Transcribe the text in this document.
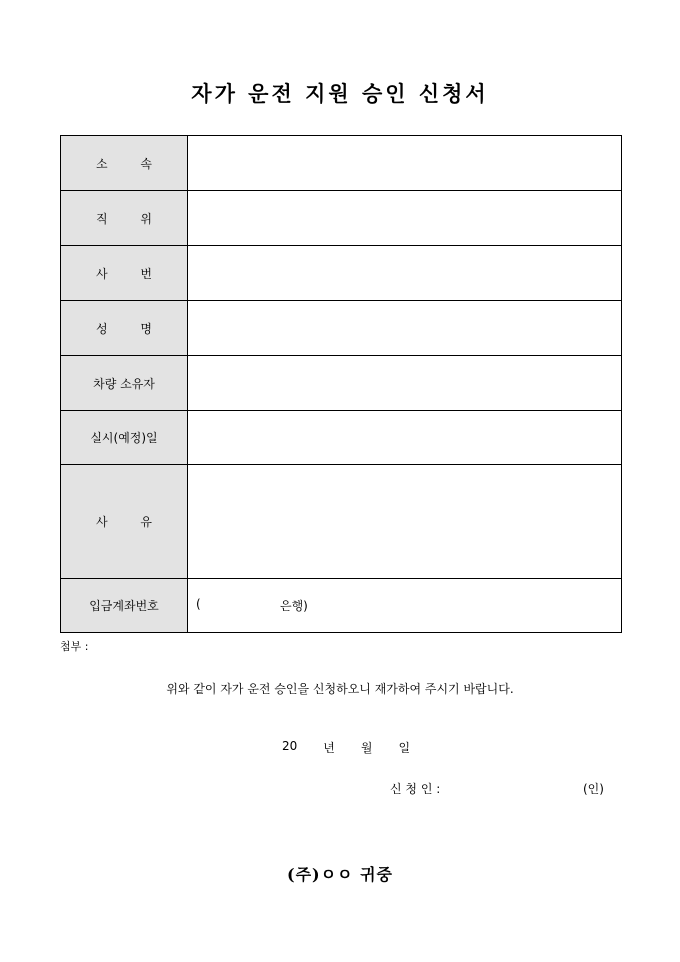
자가 운전 지원 승인 신청서
소 속	

직 위	

사 번	

성 명	

차량 소유자	
실시(예정)일	

사 유	

입금계좌번호	( 은행)
첨부 :
위와 같이 자가 운전 승인을 신청하오니 재가하여 주시기 바랍니다.
20 년 월 일
신 청 인 :	(인)
(주)ㅇㅇ 귀중
